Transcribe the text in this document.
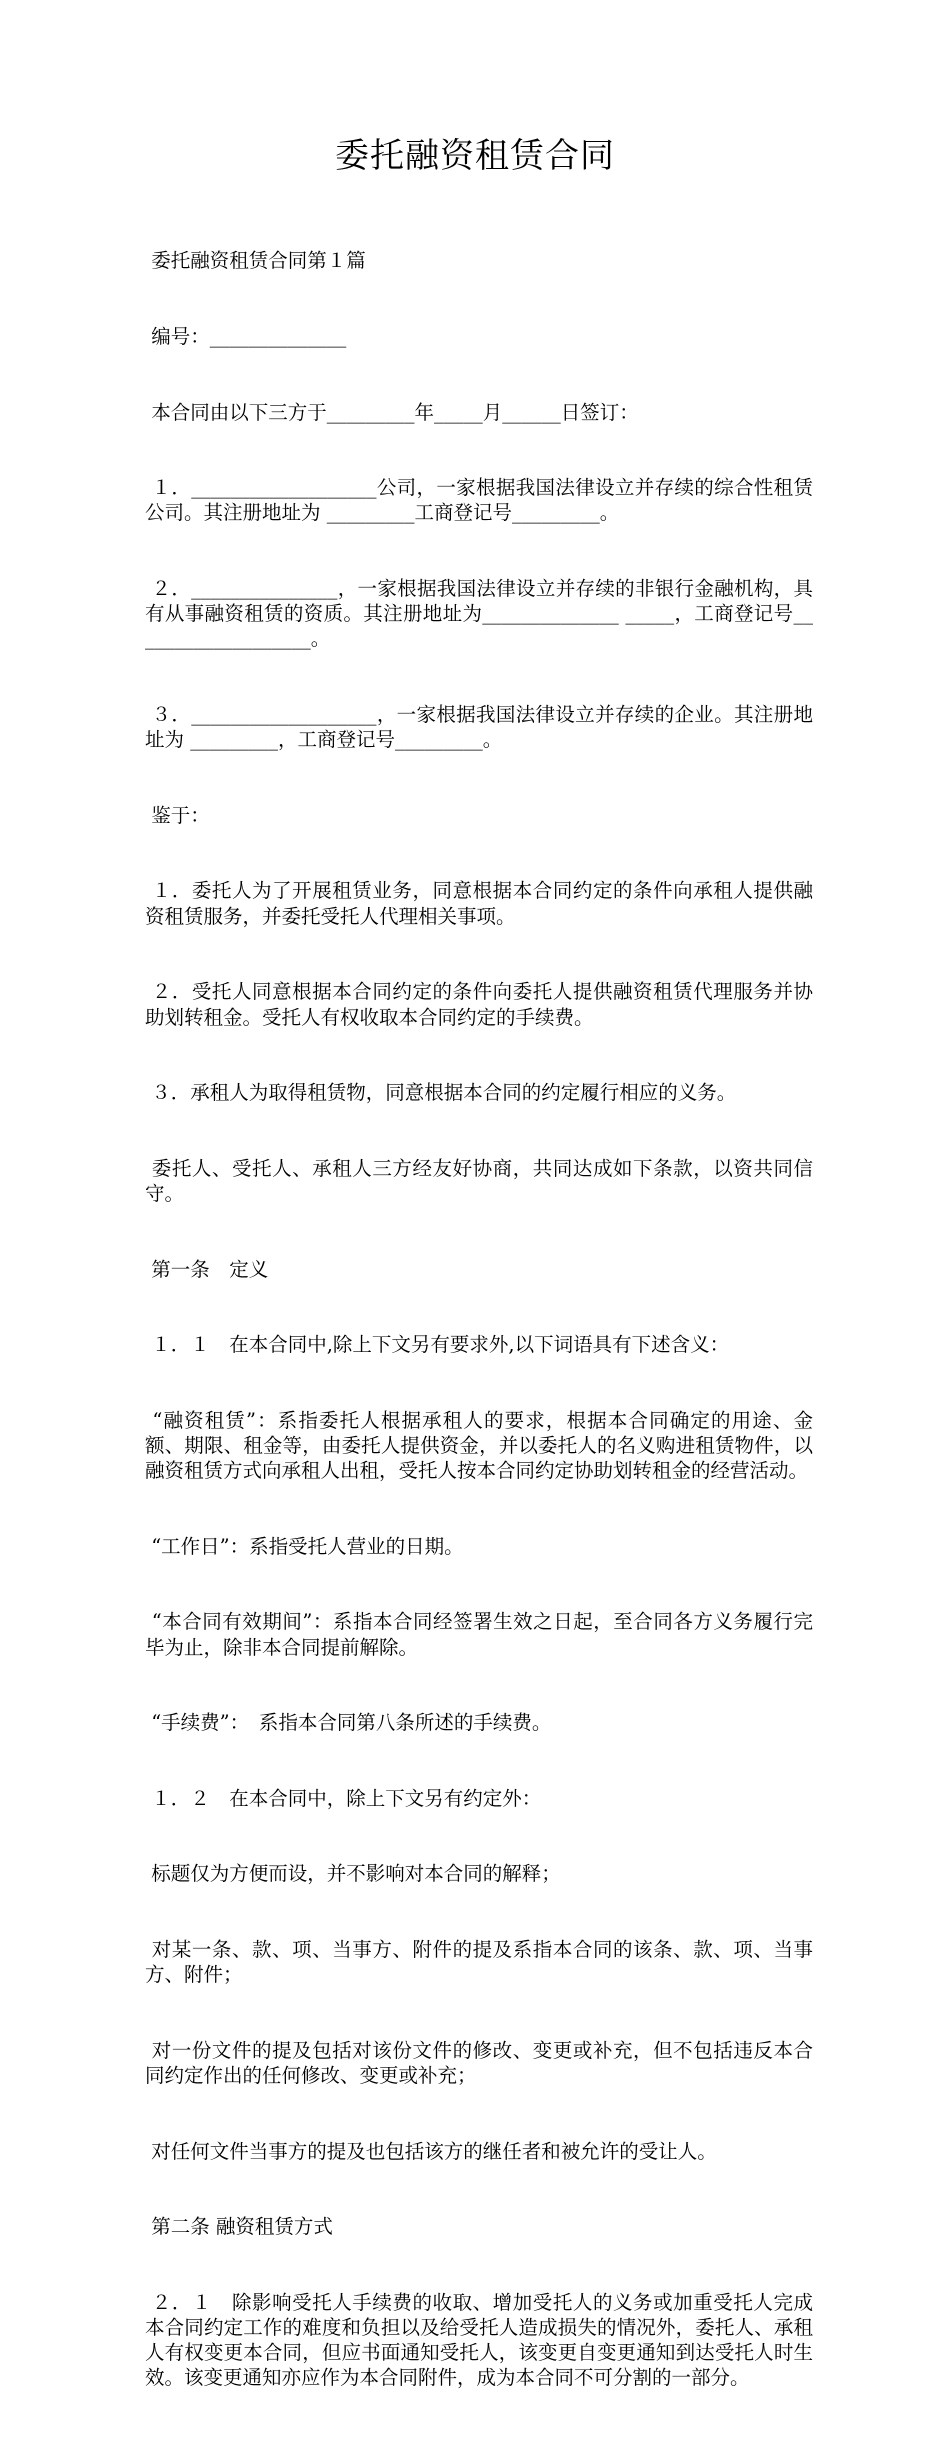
委托融资租赁合同

委托融资租赁合同第１篇

编号：______________

本合同由以下三方于_________年_____月______日签订：

１．___________________公司，一家根据我国法律设立并存续的综合性租赁公司。其注册地址为 _________工商登记号_________。

２．_______________，一家根据我国法律设立并存续的非银行金融机构，具有从事融资租赁的资质。其注册地址为______________ _____，工商登记号___________________。

３．___________________，一家根据我国法律设立并存续的企业。其注册地址为 _________，工商登记号_________。

鉴于：

１．委托人为了开展租赁业务，同意根据本合同约定的条件向承租人提供融资租赁服务，并委托受托人代理相关事项。

２．受托人同意根据本合同约定的条件向委托人提供融资租赁代理服务并协助划转租金。受托人有权收取本合同约定的手续费。

３．承租人为取得租赁物，同意根据本合同的约定履行相应的义务。

委托人、受托人、承租人三方经友好协商，共同达成如下条款，以资共同信守。

第一条　定义

１．１　在本合同中,除上下文另有要求外,以下词语具有下述含义：

“融资租赁”：系指委托人根据承租人的要求，根据本合同确定的用途、金额、期限、租金等，由委托人提供资金，并以委托人的名义购进租赁物件，以融资租赁方式向承租人出租，受托人按本合同约定协助划转租金的经营活动。

“工作日”：系指受托人营业的日期。

“本合同有效期间”：系指本合同经签署生效之日起，至合同各方义务履行完毕为止，除非本合同提前解除。

“手续费”：　系指本合同第八条所述的手续费。

１．２　在本合同中，除上下文另有约定外：

标题仅为方便而设，并不影响对本合同的解释；

对某一条、款、项、当事方、附件的提及系指本合同的该条、款、项、当事方、附件；

对一份文件的提及包括对该份文件的修改、变更或补充，但不包括违反本合同约定作出的任何修改、变更或补充；

对任何文件当事方的提及也包括该方的继任者和被允许的受让人。

第二条 融资租赁方式

２．１　除影响受托人手续费的收取、增加受托人的义务或加重受托人完成本合同约定工作的难度和负担以及给受托人造成损失的情况外，委托人、承租人有权变更本合同，但应书面通知受托人，该变更自变更通知到达受托人时生效。该变更通知亦应作为本合同附件，成为本合同不可分割的一部分。
